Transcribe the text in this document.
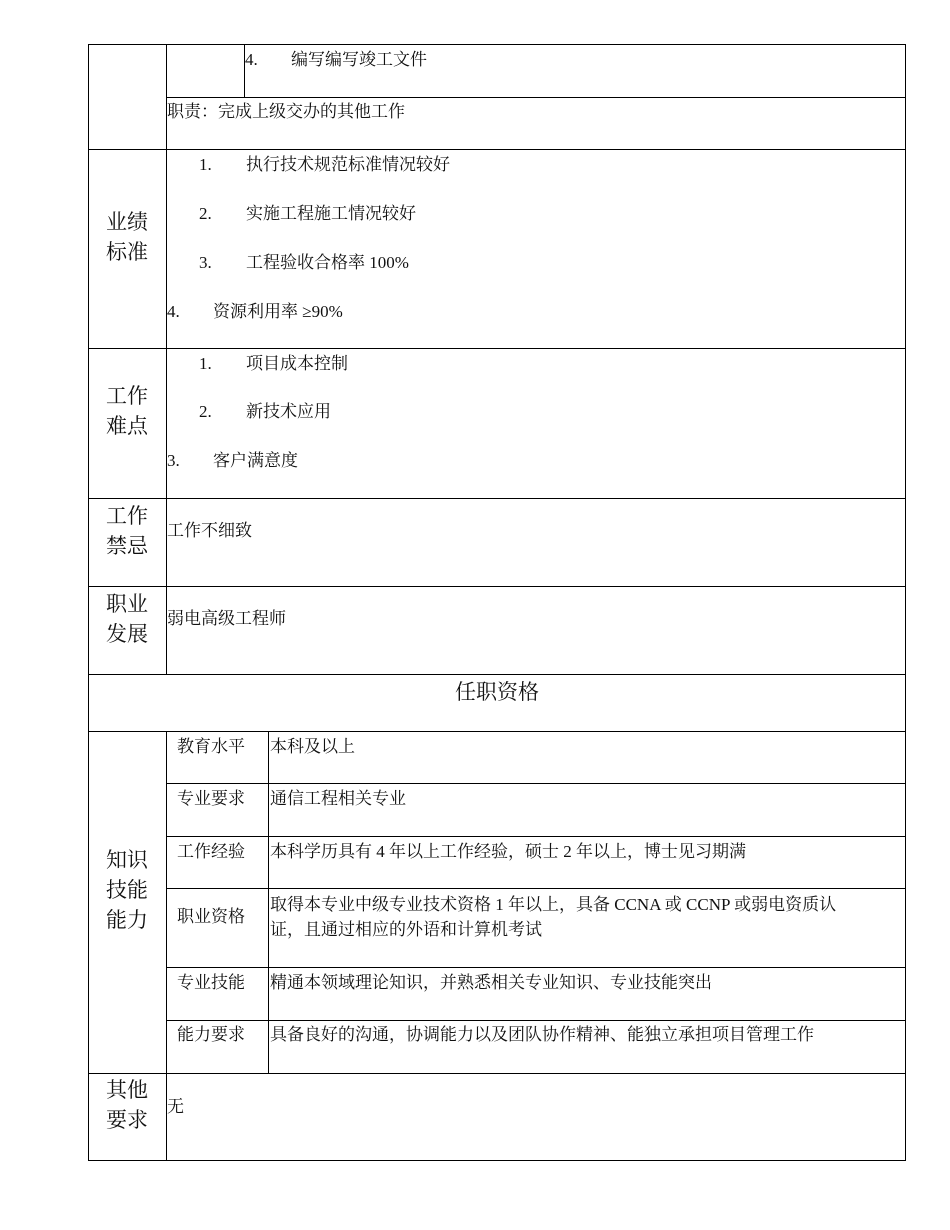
4. 编写编写竣工文件
职责：完成上级交办的其他工作
业绩
标准
1. 执行技术规范标准情况较好
2. 实施工程施工情况较好
3. 工程验收合格率 100%
4. 资源利用率 ≥90%
工作
难点
1. 项目成本控制
2. 新技术应用
3. 客户满意度
工作
禁忌
工作不细致
职业
发展
弱电高级工程师
任职资格
知识
技能
能力
教育水平 本科及以上
专业要求 通信工程相关专业
工作经验 本科学历具有 4 年以上工作经验，硕士 2 年以上，博士见习期满
职业资格
取得本专业中级专业技术资格 1 年以上，具备 CCNA 或 CCNP 或弱电资质认
证，且通过相应的外语和计算机考试
专业技能 精通本领域理论知识，并熟悉相关专业知识、专业技能突出
能力要求 具备良好的沟通，协调能力以及团队协作精神、能独立承担项目管理工作
其他
要求
无
